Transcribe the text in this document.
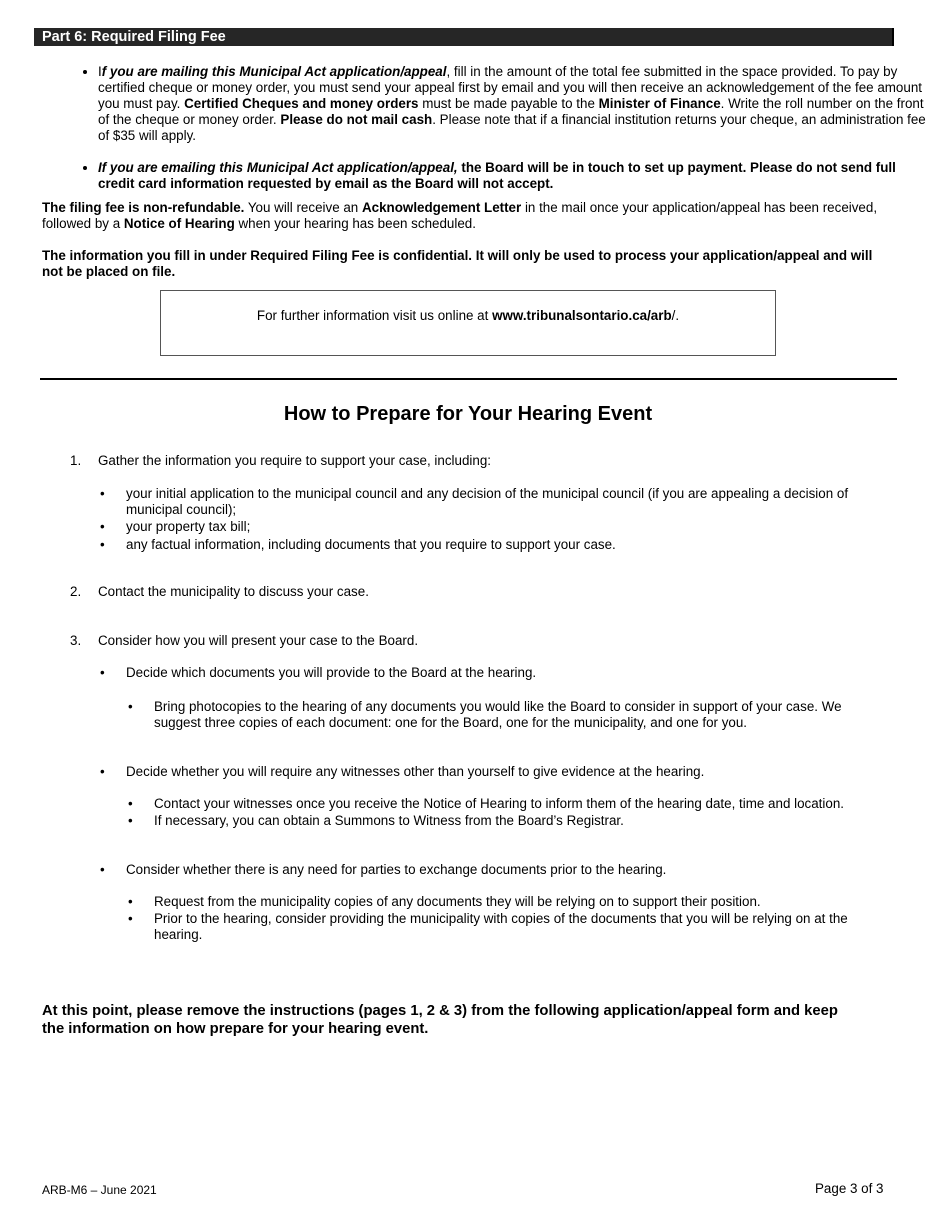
Part 6: Required Filing Fee
• If you are mailing this Municipal Act application/appeal, fill in the amount of the total fee submitted in the space provided. To pay by certified cheque or money order, you must send your appeal first by email and you will then receive an acknowledgement of the fee amount you must pay. Certified Cheques and money orders must be made payable to the Minister of Finance. Write the roll number on the front of the cheque or money order. Please do not mail cash. Please note that if a financial institution returns your cheque, an administration fee of $35 will apply.
• If you are emailing this Municipal Act application/appeal, the Board will be in touch to set up payment. Please do not send full credit card information requested by email as the Board will not accept.

The filing fee is non-refundable. You will receive an Acknowledgement Letter in the mail once your application/appeal has been received, followed by a Notice of Hearing when your hearing has been scheduled.

The information you fill in under Required Filing Fee is confidential. It will only be used to process your application/appeal and will not be placed on file.

For further information visit us online at www.tribunalsontario.ca/arb/.
How to Prepare for Your Hearing Event
1.	Gather the information you require to support your case, including:
•	your initial application to the municipal council and any decision of the municipal council (if you are appealing a decision of municipal council);
•	your property tax bill;
•	any factual information, including documents that you require to support your case.
2.	Contact the municipality to discuss your case.
3.	Consider how you will present your case to the Board.
•	Decide which documents you will provide to the Board at the hearing.
•	Bring photocopies to the hearing of any documents you would like the Board to consider in support of your case. We suggest three copies of each document: one for the Board, one for the municipality, and one for you.
•	Decide whether you will require any witnesses other than yourself to give evidence at the hearing.
•	Contact your witnesses once you receive the Notice of Hearing to inform them of the hearing date, time and location.
•	If necessary, you can obtain a Summons to Witness from the Board’s Registrar.
•	Consider whether there is any need for parties to exchange documents prior to the hearing.
•	Request from the municipality copies of any documents they will be relying on to support their position.
•	Prior to the hearing, consider providing the municipality with copies of the documents that you will be relying on at the hearing.
At this point, please remove the instructions (pages 1, 2 & 3) from the following application/appeal form and keep the information on how prepare for your hearing event.
ARB-M6 – June 2021	Page 3 of 3
